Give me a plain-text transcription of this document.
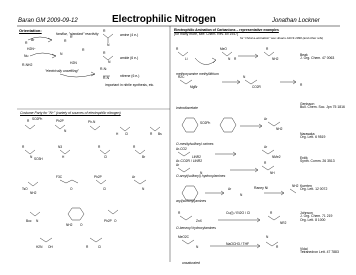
Baran GM 2009-09-12	Electrophilic Nitrogen	Jonathan Lockner
Orientation:
familiar, "standard" reactivity	amine (4 e-)
amide (6 e-)
nitrene (6 e-)
"electrically unsettling"
important in nitrile synthesis, etc.
R-NH2	H2N
H2N−
R-N:
R
Br
Nu
R
R'
N
R
R
N
R
N
R-N
Costume Party for "N+" (variety of sources of electrophilic nitrogen)
R SO2Ph	Ph2P
N
Ph-N
H Cl	R Bs
R
N SO3H
N3
H
R
Cl
R
Br
TsO
NH2
F3C
O
Ph2P
Cl
Ar
N
Boc N
NH2 O
Ph2P O
H2N OH	R	Cl
Electrophilic Amination of Carbanions – representative examples
(for many more, see: Chem. Rev. 89 1947)
for "chiral a-amination" see: Evans JACS 1990 (and other refs)
methoxyamine methyllithium
Beak
J. Org. Chem. 47 0063
iminodiacetate
Genisson
Bull. Chem. Soc. Jpn 75 1816
O-mesitylsulfonyl oximes
Narasaka
Org. Lett. 6 9519
Ar-CO2R / LiNR2
Erdik
Synth. Comm. 26 3513
O-aroyl(sulfonyl) hydroxylamines
Raney Ni	Kuerten
Org. Lett. 12 0072
aryl(sulfonyl)amines
Cu(I) / Et2O / Cl	Johnson
J. Org. Chem. 71 219
Org. Lett. 8 1000
O-benzoyl hydroxylamines
NaOCH3 / THF
Vidal
Tetrahedron Lett. 47 7883
unsaturated
R
Li
MeO
N R
R
NH2
R2C
MgBr
N
CO2R	R
SO2Ph
Ar
NH2
Ar-CO2
LiNR2
Ar
NMe2
Ar
N
R
NH
Ar
N
NH2
R
ZnX
R
NR2
MeO2C
N
N
R
